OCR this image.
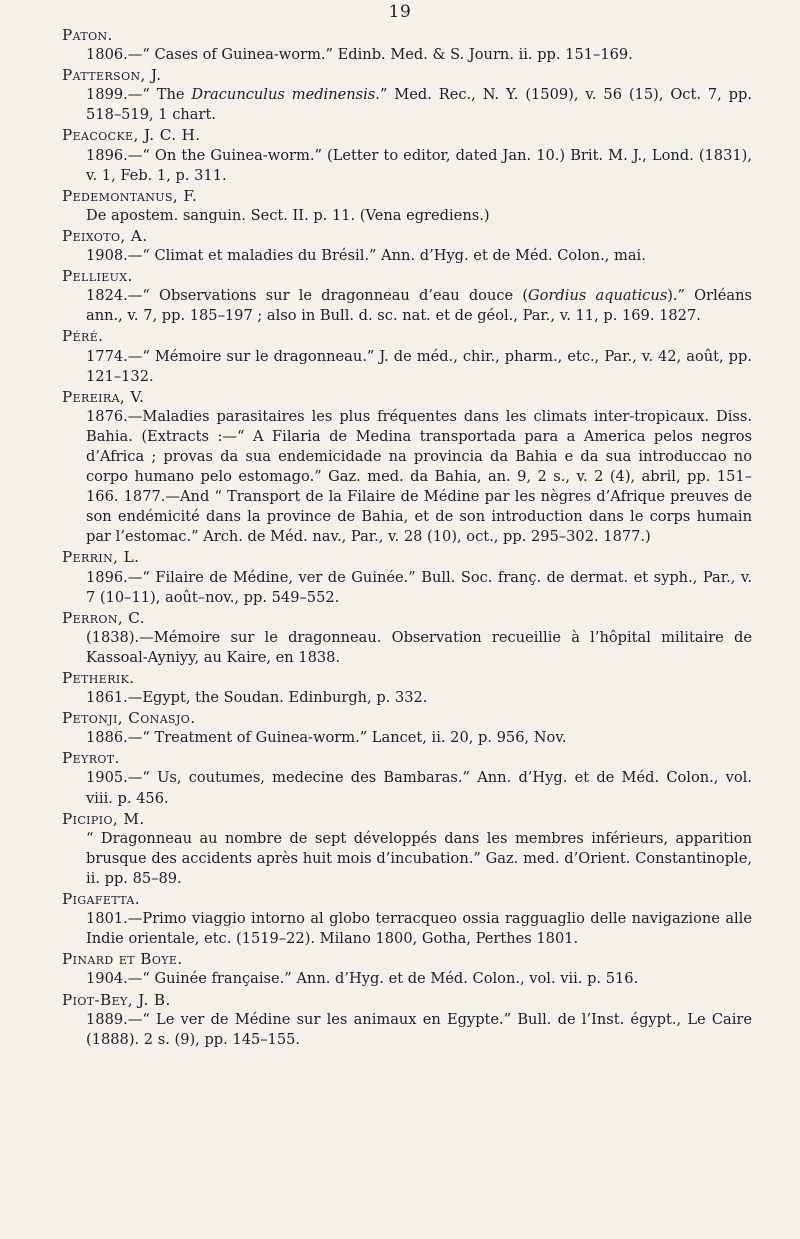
19

Paton.

1806.—“ Cases of Guinea-worm.” Edinb. Med. & S. Journ. ii. pp. 151–169.

Patterson, J.

1899.—“ The Dracunculus medinensis.” Med. Rec., N. Y. (1509), v. 56 (15), Oct. 7, pp. 518–519, 1 chart.

Peacocke, J. C. H.

1896.—“ On the Guinea-worm.” (Letter to editor, dated Jan. 10.) Brit. M. J., Lond. (1831), v. 1, Feb. 1, p. 311.

Pedemontanus, F.

De apostem. sanguin. Sect. II. p. 11. (Vena egrediens.)

Peixoto, A.

1908.—“ Climat et maladies du Brésil.” Ann. d’Hyg. et de Méd. Colon., mai.

Pellieux.

1824.—“ Observations sur le dragonneau d’eau douce (Gordius aquaticus).” Orléans ann., v. 7, pp. 185–197 ; also in Bull. d. sc. nat. et de géol., Par., v. 11, p. 169. 1827.

Péré.

1774.—“ Mémoire sur le dragonneau.” J. de méd., chir., pharm., etc., Par., v. 42, août, pp. 121–132.

Pereira, V.

1876.—Maladies parasitaires les plus fréquentes dans les climats inter-tropicaux. Diss. Bahia. (Extracts :—“ A Filaria de Medina transportada para a America pelos negros d’Africa ; provas da sua endemicidade na provincia da Bahia e da sua introduccao no corpo humano pelo estomago.” Gaz. med. da Bahia, an. 9, 2 s., v. 2 (4), abril, pp. 151–166. 1877.—And “ Transport de la Filaire de Médine par les nègres d’Afrique preuves de son endémicité dans la province de Bahia, et de son introduction dans le corps humain par l’estomac.” Arch. de Méd. nav., Par., v. 28 (10), oct., pp. 295–302. 1877.)

Perrin, L.

1896.—“ Filaire de Médine, ver de Guinée.” Bull. Soc. franç. de dermat. et syph., Par., v. 7 (10–11), août–nov., pp. 549–552.

Perron, C.

(1838).—Mémoire sur le dragonneau. Observation recueillie à l’hôpital militaire de Kassoal-Ayniyy, au Kaire, en 1838.

Petherik.

1861.—Egypt, the Soudan. Edinburgh, p. 332.

Petonji, Conasjo.

1886.—“ Treatment of Guinea-worm.” Lancet, ii. 20, p. 956, Nov.

Peyrot.

1905.—“ Us, coutumes, medecine des Bambaras.” Ann. d’Hyg. et de Méd. Colon., vol. viii. p. 456.

Picipio, M.

“ Dragonneau au nombre de sept développés dans les membres inférieurs, apparition brusque des accidents après huit mois d’incubation.” Gaz. med. d’Orient. Constantinople, ii. pp. 85–89.

Pigafetta.

1801.—Primo viaggio intorno al globo terracqueo ossia ragguaglio delle navigazione alle Indie orientale, etc. (1519–22). Milano 1800, Gotha, Perthes 1801.

Pinard et Boye.

1904.—“ Guinée française.” Ann. d’Hyg. et de Méd. Colon., vol. vii. p. 516.

Piot-Bey, J. B.

1889.—“ Le ver de Médine sur les animaux en Egypte.” Bull. de l’Inst. égypt., Le Caire (1888). 2 s. (9), pp. 145–155.
